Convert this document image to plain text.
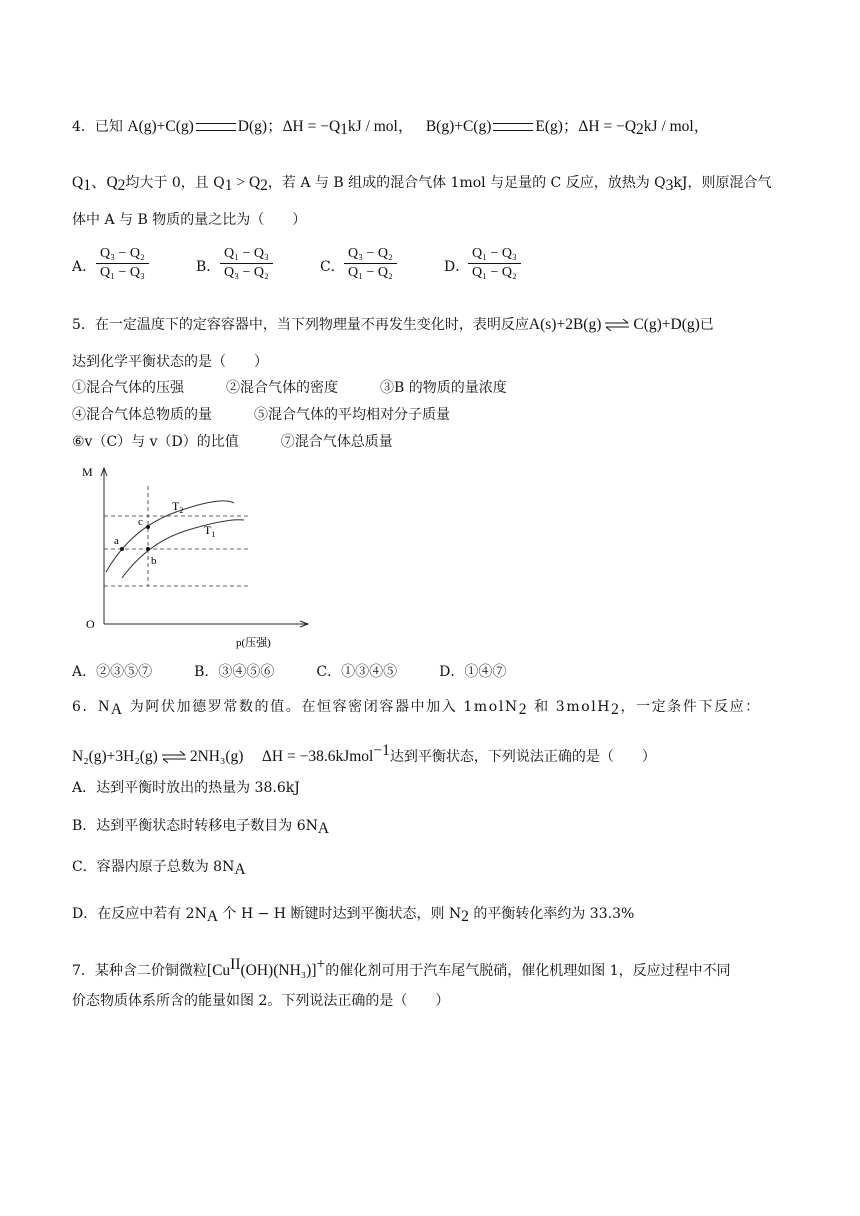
4．已知 A(g)+C(g)	D(g)；$\Delta H = -Q_1kJ$ / mol， B(g)+C(g)	E(g)；$\Delta H = -Q_2kJ$ / mol，
$Q_1$、$Q_2$均大于 0，且 $Q_1 > Q_2$，若 A 与 B 组成的混合气体 1mol 与足量的 C 反应，放热为 $Q_3kJ$，则原混合气
体中 A 与 B 物质的量之比为（　　）
A． $\frac{\text{Q₃ − Q₂}}{\text{Q₁ − Q₃}}$	B． $\frac{\text{Q₁ − Q₃}}{\text{Q₃ − Q₂}}$	C． $\frac{\text{Q₃ − Q₂}}{\text{Q₁ − Q₂}}$	D．
$\frac{\text{Q₁ − Q₃}}{\text{Q₁ − Q₂}}$
5．在一定温度下的定容容器中，当下列物理量不再发生变化时，表明反应A(s)+2B(g) ⇌ C(g)+D(g)已
达到化学平衡状态的是（　　）
①混合气体的压强　　　②混合气体的密度　　　③B 的物质的量浓度
④混合气体总物质的量　　　⑤混合气体的平均相对分子质量
⑥v（C）与 v（D）的比值　　　⑦混合气体总质量
M
O
p(压强)
a
b
c
$T_2$
$T_1$
A．②③⑤⑦　　　B．③④⑤⑥　　　C．①③④⑤　　　D．①④⑦
6．$N_A$ 为阿伏加德罗常数的值。在恒容密闭容器中加入 1molN$_2$ 和 3molH$_2$，一定条件下反应：
N₂(g)+3H₂(g) ⇌ 2NH₃(g) ΔH = −38.6kJmol$^{-1}$达到平衡状态，下列说法正确的是（　　）
A．达到平衡时放出的热量为 38.6kJ
B．达到平衡状态时转移电子数目为 $6N_A$
C．容器内原子总数为 $8N_A$
D．在反应中若有 $2N_A$ 个 H − H 断键时达到平衡状态，则 $N_2$ 的平衡转化率约为 33.3%
7．某种含二价铜微粒$[Cu^{II}(OH)(NH_3)]^+$的催化剂可用于汽车尾气脱硝，催化机理如图 1，反应过程中不同
价态物质体系所含的能量如图 2。下列说法正确的是（　　）
